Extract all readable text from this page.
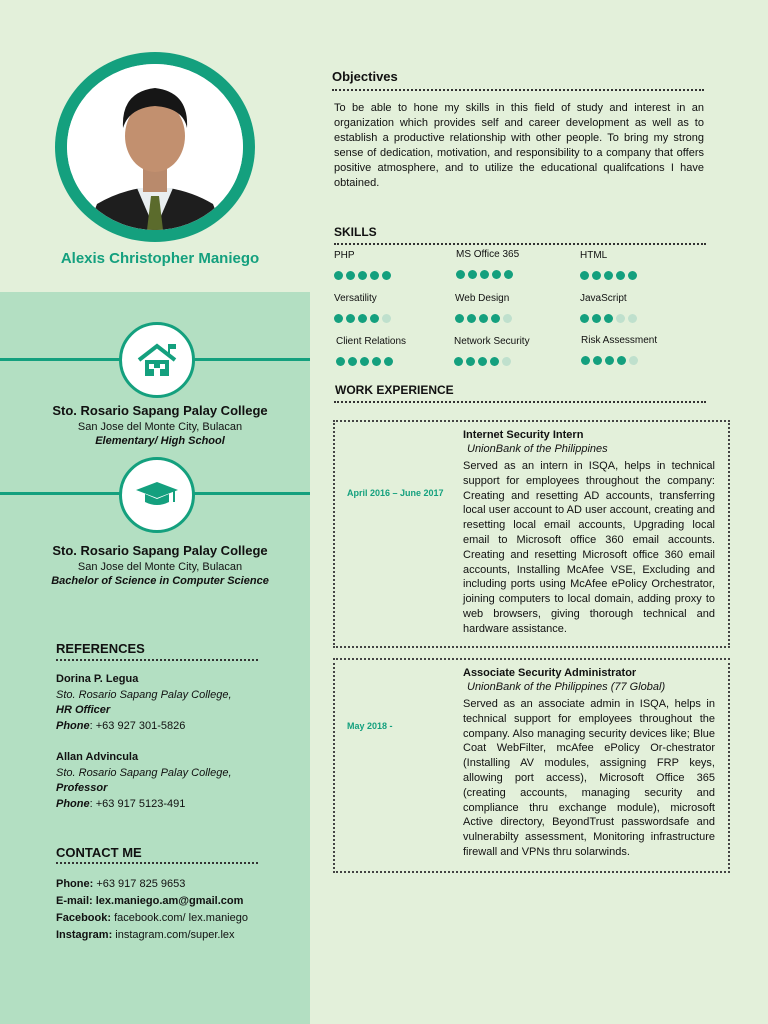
Alexis Christopher Maniego
Sto. Rosario Sapang Palay College
San Jose del Monte City, Bulacan
Elementary/ High School
Sto. Rosario Sapang Palay College
San Jose del Monte City, Bulacan
Bachelor of Science in Computer Science
REFERENCES
Dorina P. Legua
Sto. Rosario Sapang Palay College,
HR Officer
Phone: +63 927 301-5826
Allan Advincula
Sto. Rosario Sapang Palay College,
Professor
Phone: +63 917 5123-491
CONTACT ME
Phone: +63 917 825 9653
E-mail: lex.maniego.am@gmail.com
Facebook: facebook.com/ lex.maniego
Instagram: instagram.com/super.lex
Objectives
To be able to hone my skills in this field of study and interest in an organization which provides self and career development as well as to establish a productive relationship with other people. To bring my strong sense of dedication, motivation, and responsibility to a company that offers positive atmosphere, and to utilize the educational qualifcations I have obtained.
SKILLS
PHP	MS Office 365	HTML
Versatility	Web Design	JavaScript
Client Relations	Network Security	Risk Assessment
WORK EXPERIENCE
April 2016 – June 2017
Internet Security Intern
UnionBank of the Philippines
Served as an intern in ISQA, helps in technical support for employees throughout the company: Creating and resetting AD accounts, transferring local user account to AD user account, creating and resetting local email accounts, Upgrading local email to Microsoft office 360 email accounts. Creating and resetting Microsoft office 360 email accounts, Installing McAfee VSE, Excluding and including ports using McAfee ePolicy Orchestrator, joining computers to local domain, adding proxy to web browsers, giving thorough technical and hardware assistance.
May 2018 -
Associate Security Administrator
UnionBank of the Philippines (77 Global)
Served as an associate admin in ISQA, helps in technical support for employees throughout the company. Also managing security devices like; Blue Coat WebFilter, mcAfee ePolicy Or-chestrator (Installing AV modules, assigning FRP keys, allowing port access), Microsoft Office 365 (creating accounts, managing security and compliance thru exchange module), microsoft Active directory, BeyondTrust passwordsafe and vulnerabilty assessment, Monitoring infrastructure firewall and VPNs thru solarwinds.
